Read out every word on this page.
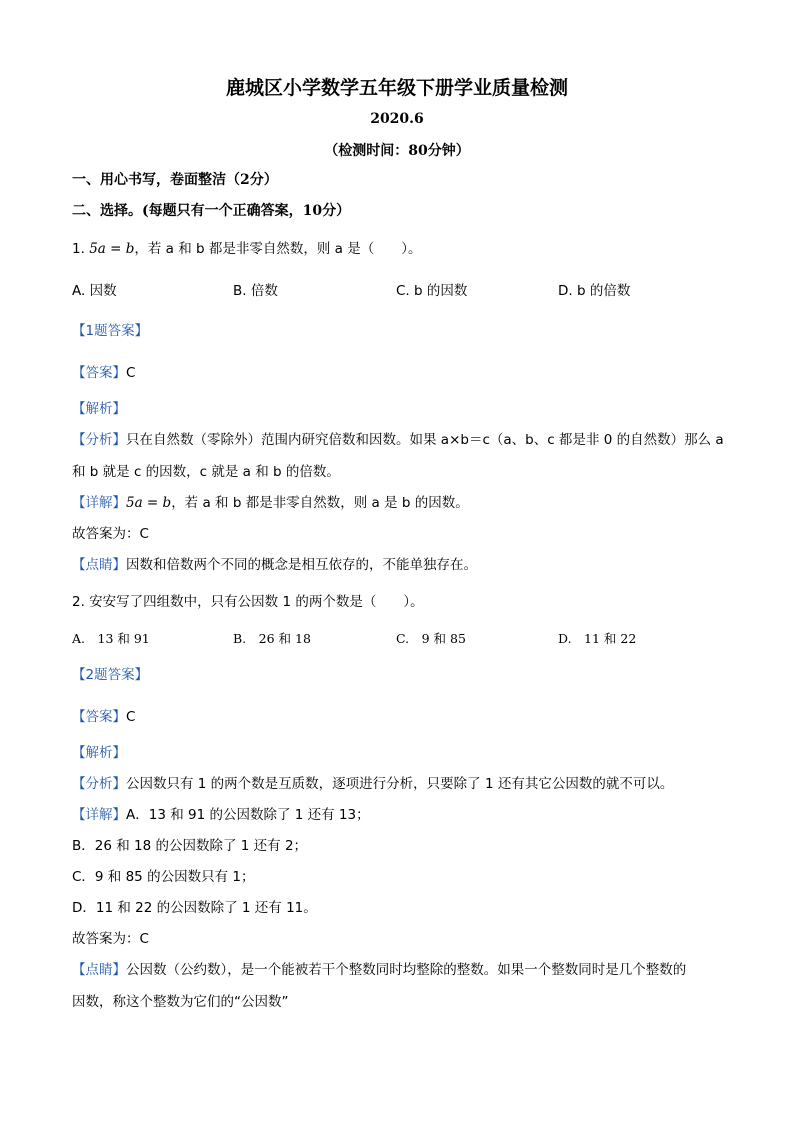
鹿城区小学数学五年级下册学业质量检测
2020.6
（检测时间：80分钟）
一、用心书写，卷面整洁（2分）
二、选择。(每题只有一个正确答案，10分）
1. 5a = b，若 a 和 b 都是非零自然数，则 a 是（　　）。
A. 因数	B. 倍数	C. b 的因数	D. b 的倍数
【1题答案】
【答案】C
【解析】
【分析】只在自然数（零除外）范围内研究倍数和因数。如果 a×b＝c（a、b、c 都是非 0 的自然数）那么 a
和 b 就是 c 的因数，c 就是 a 和 b 的倍数。
【详解】5a = b，若 a 和 b 都是非零自然数，则 a 是 b 的因数。
故答案为：C
【点睛】因数和倍数两个不同的概念是相互依存的，不能单独存在。
2. 安安写了四组数中，只有公因数 1 的两个数是（　　）。
A.　13 和 91	B.　26 和 18	C.　9 和 85	D.　11 和 22
【2题答案】
【答案】C
【解析】
【分析】公因数只有 1 的两个数是互质数，逐项进行分析，只要除了 1 还有其它公因数的就不可以。
【详解】A．13 和 91 的公因数除了 1 还有 13；
B．26 和 18 的公因数除了 1 还有 2；
C．9 和 85 的公因数只有 1；
D．11 和 22 的公因数除了 1 还有 11。
故答案为：C
【点睛】公因数（公约数），是一个能被若干个整数同时均整除的整数。如果一个整数同时是几个整数的
因数，称这个整数为它们的“公因数”
